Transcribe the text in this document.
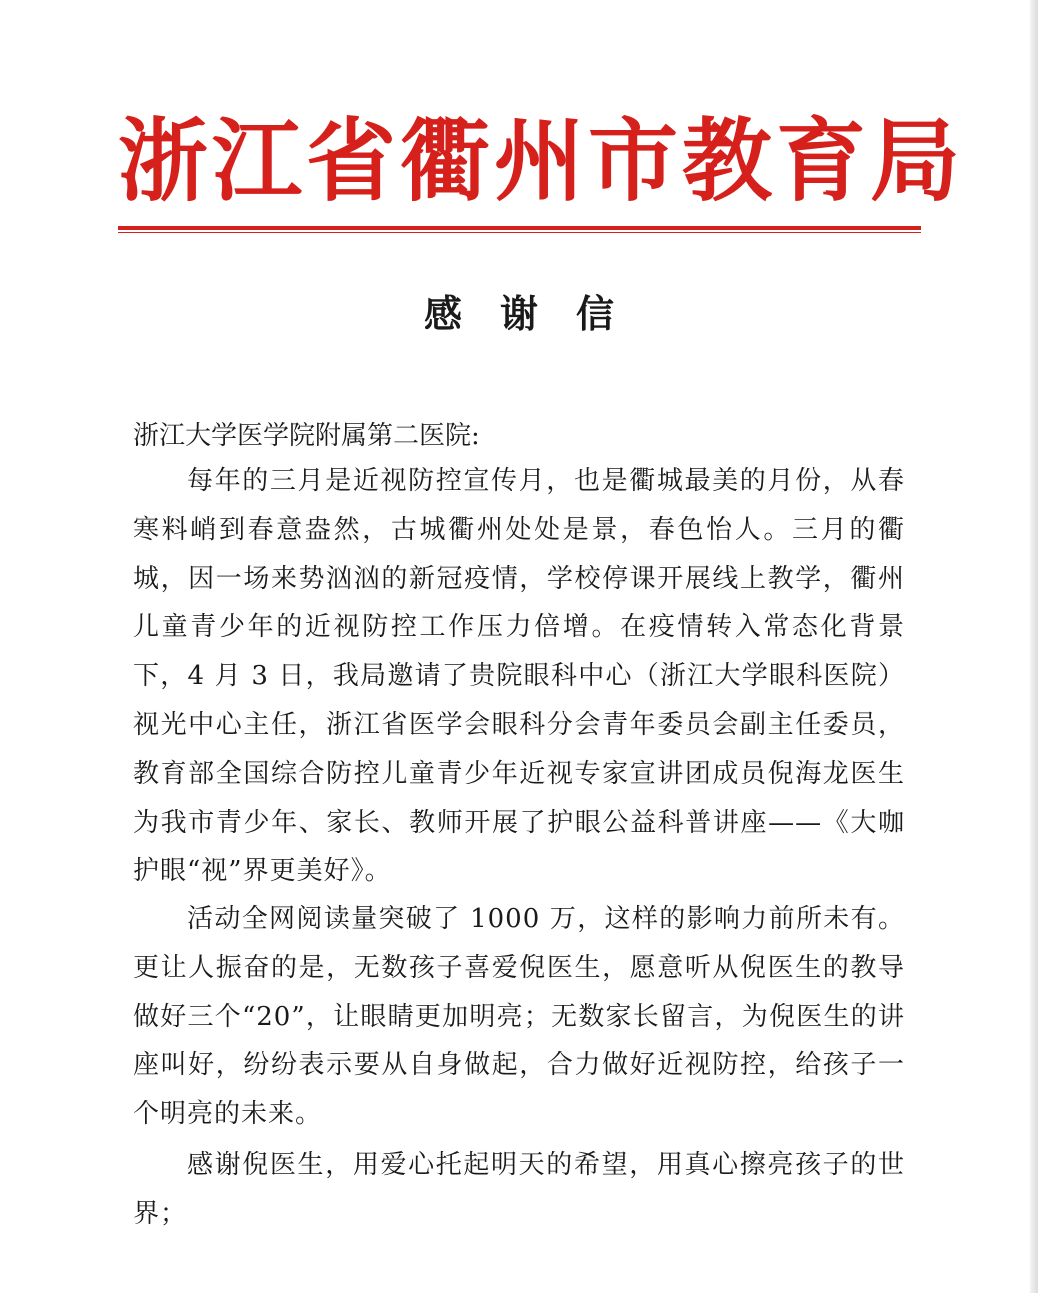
浙江省衢州市教育局
感谢信
浙江大学医学院附属第二医院:

每年的三月是近视防控宣传月，也是衢城最美的月份，从春寒料峭到春意盎然，古城衢州处处是景，春色怡人。三月的衢城，因一场来势汹汹的新冠疫情，学校停课开展线上教学，衢州儿童青少年的近视防控工作压力倍增。在疫情转入常态化背景下，4 月 3 日，我局邀请了贵院眼科中心（浙江大学眼科医院）视光中心主任，浙江省医学会眼科分会青年委员会副主任委员，教育部全国综合防控儿童青少年近视专家宣讲团成员倪海龙医生为我市青少年、家长、教师开展了护眼公益科普讲座——《大咖护眼“视”界更美好》。

活动全网阅读量突破了 1000 万，这样的影响力前所未有。更让人振奋的是，无数孩子喜爱倪医生，愿意听从倪医生的教导做好三个“20”，让眼睛更加明亮；无数家长留言，为倪医生的讲座叫好，纷纷表示要从自身做起，合力做好近视防控，给孩子一个明亮的未来。

感谢倪医生，用爱心托起明天的希望，用真心擦亮孩子的世界；
